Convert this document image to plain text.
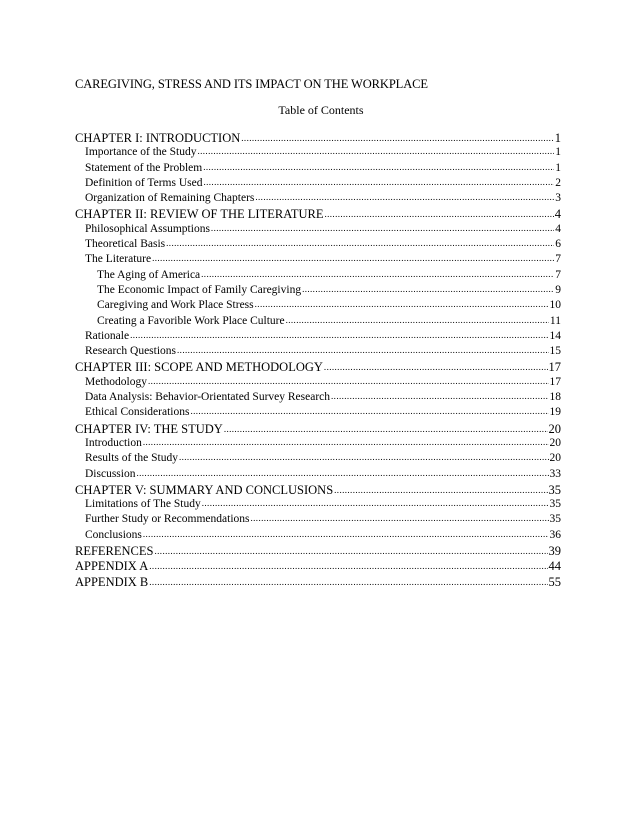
CAREGIVING, STRESS AND ITS IMPACT ON THE WORKPLACE
Table of Contents
CHAPTER I: INTRODUCTION .....	1
Importance of the Study .....	1
Statement of the Problem .....	1
Definition of Terms Used .....	2
Organization of Remaining Chapters .....	3
CHAPTER II: REVIEW OF THE LITERATURE .....	4
Philosophical Assumptions .....	4
Theoretical Basis .....	6
The Literature .....	7
The Aging of America .....	7
The Economic Impact of Family Caregiving .....	9
Caregiving and Work Place Stress .....	10
Creating a Favorible Work Place Culture .....	11
Rationale .....	14
Research Questions .....	15
CHAPTER III: SCOPE AND METHODOLOGY .....	17
Methodology .....	17
Data Analysis: Behavior-Orientated Survey Research .....	18
Ethical Considerations .....	19
CHAPTER IV: THE STUDY .....	20
Introduction .....	20
Results of the Study .....	20
Discussion .....	33
CHAPTER V: SUMMARY AND CONCLUSIONS .....	35
Limitations of The Study .....	35
Further Study or Recommendations .....	35
Conclusions .....	36
REFERENCES .....	39
APPENDIX A .....	44
APPENDIX B .....	55
